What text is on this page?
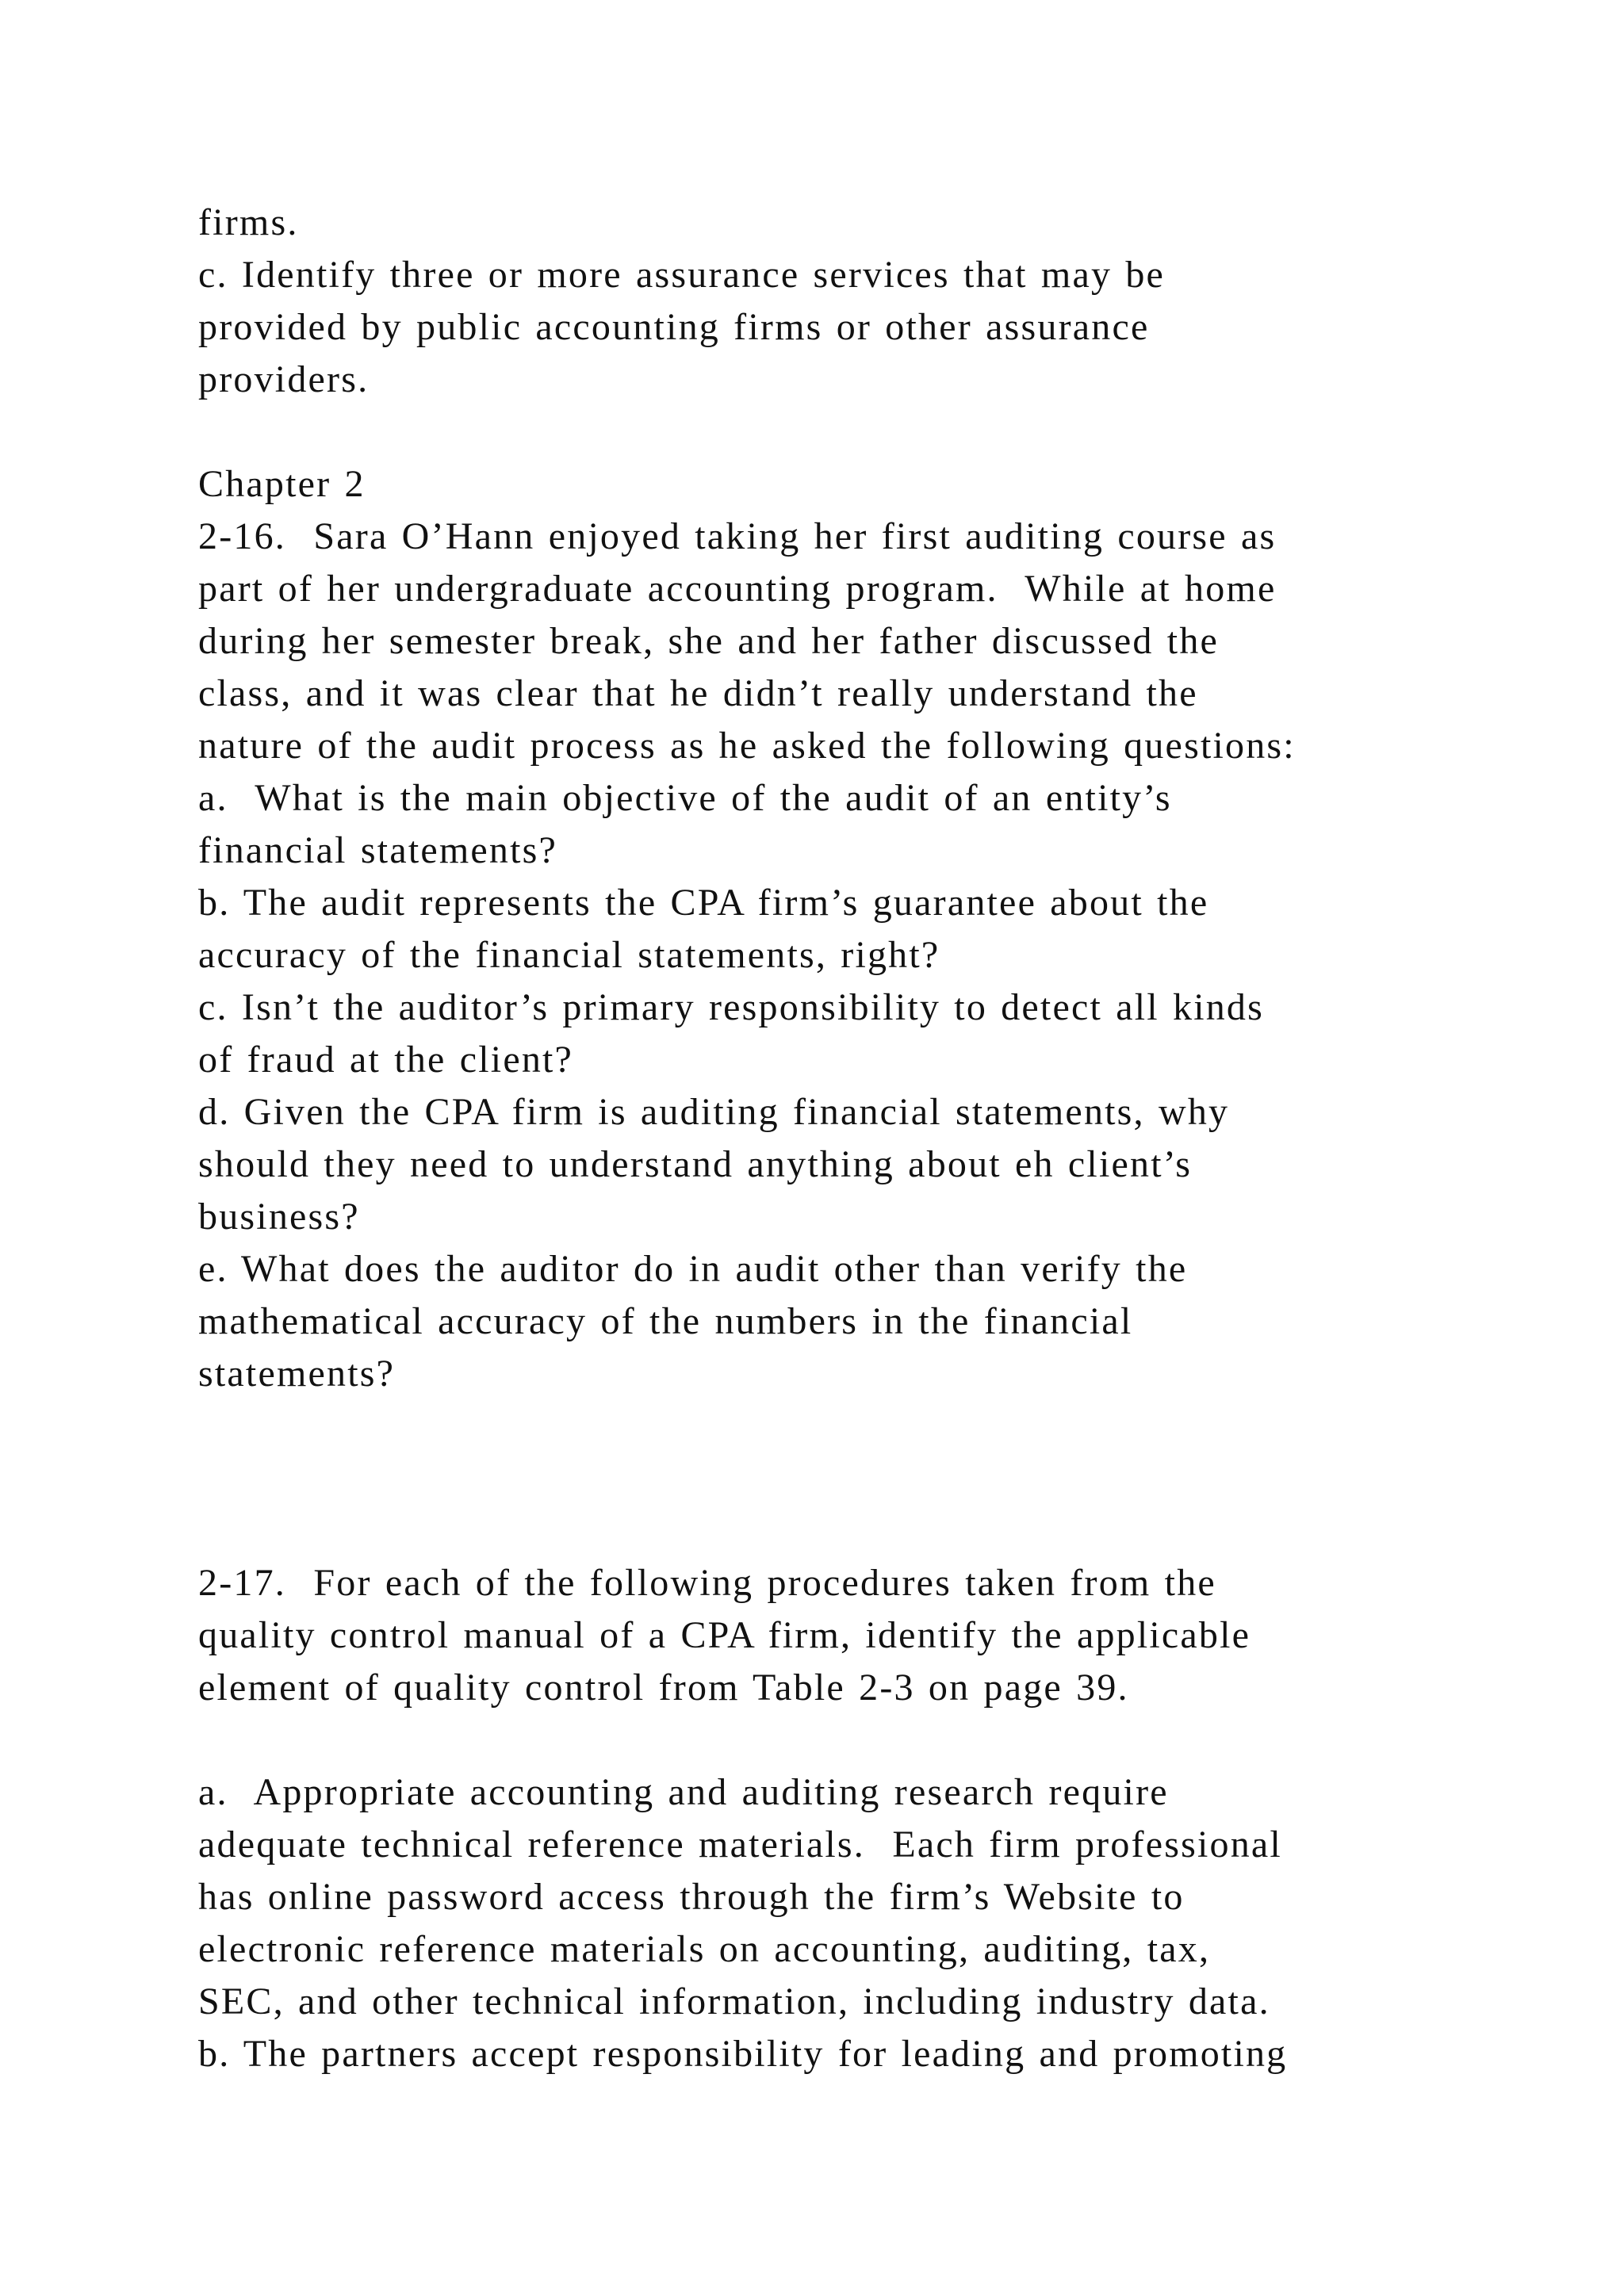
firms.
c. Identify three or more assurance services that may be
provided by public accounting firms or other assurance
providers.
Chapter 2
2-16.  Sara O’Hann enjoyed taking her first auditing course as
part of her undergraduate accounting program.  While at home
during her semester break, she and her father discussed the
class, and it was clear that he didn’t really understand the
nature of the audit process as he asked the following questions:
a.  What is the main objective of the audit of an entity’s
financial statements?
b. The audit represents the CPA firm’s guarantee about the
accuracy of the financial statements, right?
c. Isn’t the auditor’s primary responsibility to detect all kinds
of fraud at the client?
d. Given the CPA firm is auditing financial statements, why
should they need to understand anything about eh client’s
business?
e. What does the auditor do in audit other than verify the
mathematical accuracy of the numbers in the financial
statements?
2-17.  For each of the following procedures taken from the
quality control manual of a CPA firm, identify the applicable
element of quality control from Table 2-3 on page 39.
a.  Appropriate accounting and auditing research require
adequate technical reference materials.  Each firm professional
has online password access through the firm’s Website to
electronic reference materials on accounting, auditing, tax,
SEC, and other technical information, including industry data.
b. The partners accept responsibility for leading and promoting
